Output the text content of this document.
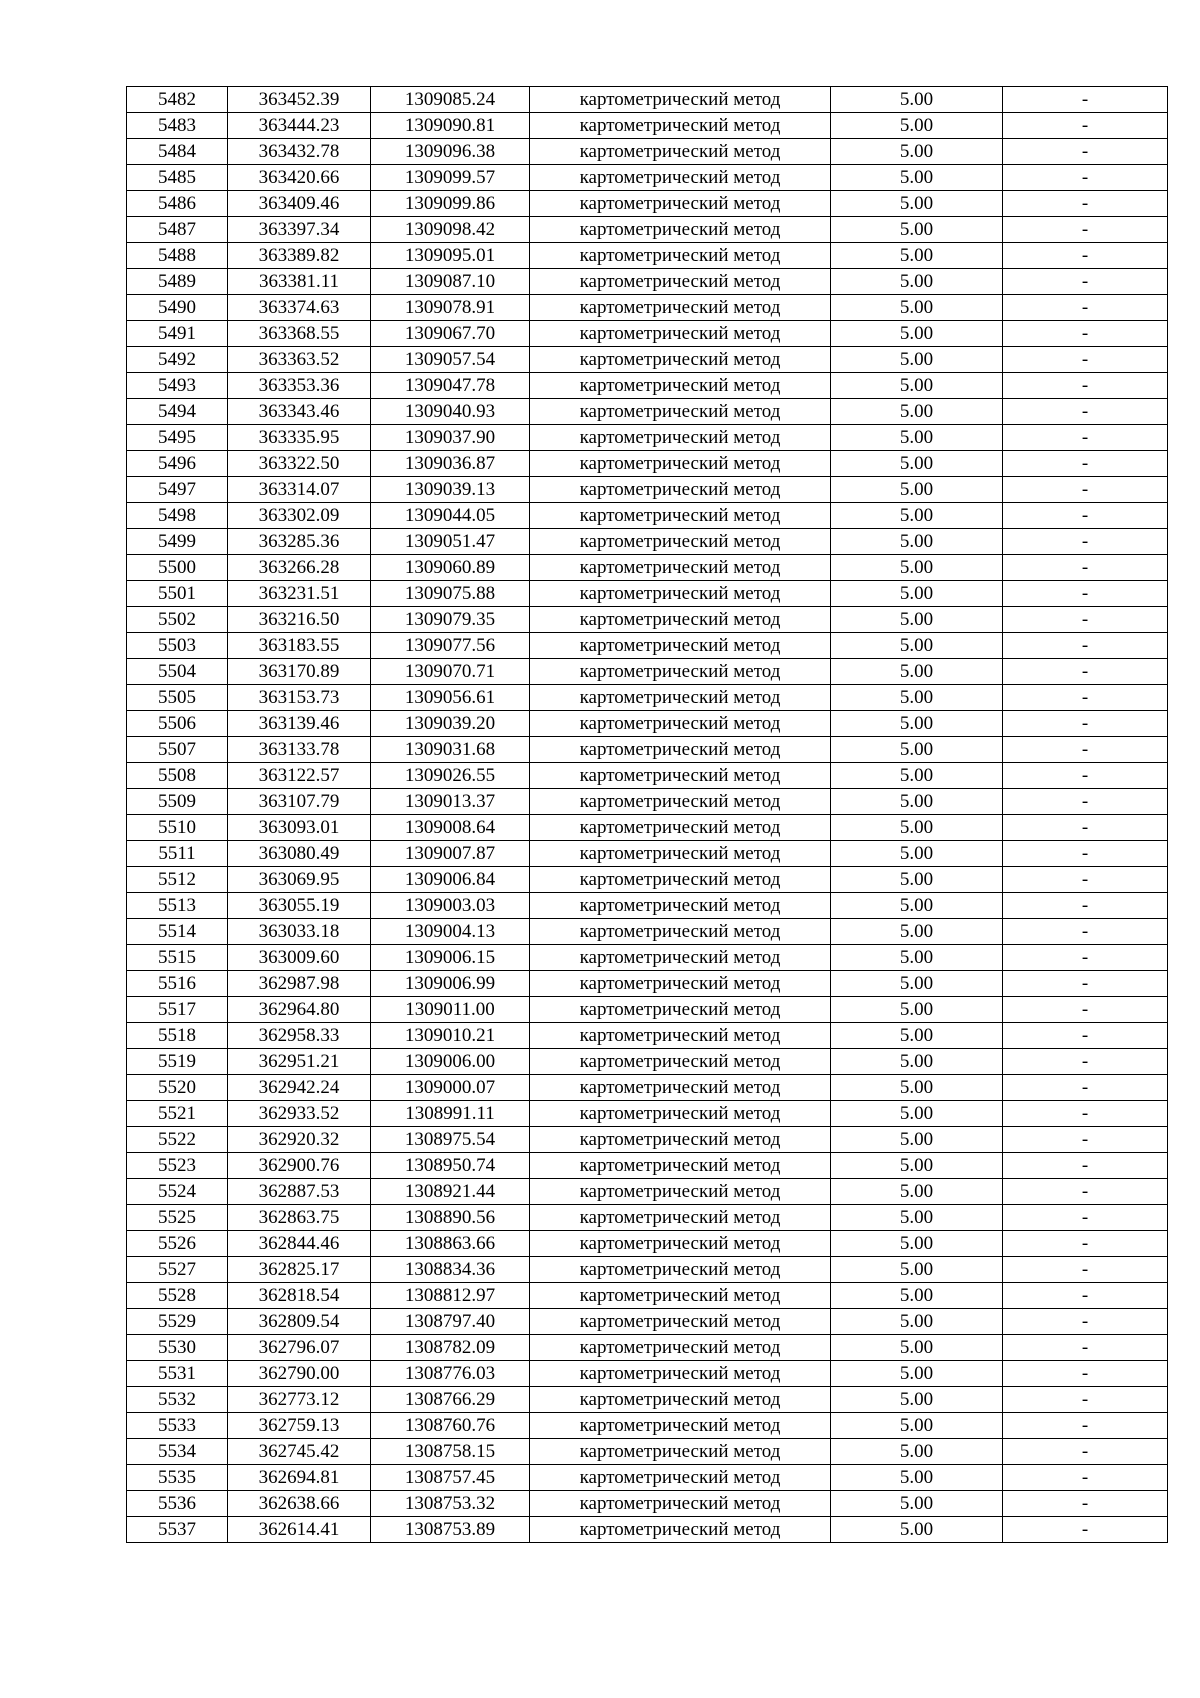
5482	363452.39	1309085.24	картометрический метод	5.00	-
5483	363444.23	1309090.81	картометрический метод	5.00	-
5484	363432.78	1309096.38	картометрический метод	5.00	-
5485	363420.66	1309099.57	картометрический метод	5.00	-
5486	363409.46	1309099.86	картометрический метод	5.00	-
5487	363397.34	1309098.42	картометрический метод	5.00	-
5488	363389.82	1309095.01	картометрический метод	5.00	-
5489	363381.11	1309087.10	картометрический метод	5.00	-
5490	363374.63	1309078.91	картометрический метод	5.00	-
5491	363368.55	1309067.70	картометрический метод	5.00	-
5492	363363.52	1309057.54	картометрический метод	5.00	-
5493	363353.36	1309047.78	картометрический метод	5.00	-
5494	363343.46	1309040.93	картометрический метод	5.00	-
5495	363335.95	1309037.90	картометрический метод	5.00	-
5496	363322.50	1309036.87	картометрический метод	5.00	-
5497	363314.07	1309039.13	картометрический метод	5.00	-
5498	363302.09	1309044.05	картометрический метод	5.00	-
5499	363285.36	1309051.47	картометрический метод	5.00	-
5500	363266.28	1309060.89	картометрический метод	5.00	-
5501	363231.51	1309075.88	картометрический метод	5.00	-
5502	363216.50	1309079.35	картометрический метод	5.00	-
5503	363183.55	1309077.56	картометрический метод	5.00	-
5504	363170.89	1309070.71	картометрический метод	5.00	-
5505	363153.73	1309056.61	картометрический метод	5.00	-
5506	363139.46	1309039.20	картометрический метод	5.00	-
5507	363133.78	1309031.68	картометрический метод	5.00	-
5508	363122.57	1309026.55	картометрический метод	5.00	-
5509	363107.79	1309013.37	картометрический метод	5.00	-
5510	363093.01	1309008.64	картометрический метод	5.00	-
5511	363080.49	1309007.87	картометрический метод	5.00	-
5512	363069.95	1309006.84	картометрический метод	5.00	-
5513	363055.19	1309003.03	картометрический метод	5.00	-
5514	363033.18	1309004.13	картометрический метод	5.00	-
5515	363009.60	1309006.15	картометрический метод	5.00	-
5516	362987.98	1309006.99	картометрический метод	5.00	-
5517	362964.80	1309011.00	картометрический метод	5.00	-
5518	362958.33	1309010.21	картометрический метод	5.00	-
5519	362951.21	1309006.00	картометрический метод	5.00	-
5520	362942.24	1309000.07	картометрический метод	5.00	-
5521	362933.52	1308991.11	картометрический метод	5.00	-
5522	362920.32	1308975.54	картометрический метод	5.00	-
5523	362900.76	1308950.74	картометрический метод	5.00	-
5524	362887.53	1308921.44	картометрический метод	5.00	-
5525	362863.75	1308890.56	картометрический метод	5.00	-
5526	362844.46	1308863.66	картометрический метод	5.00	-
5527	362825.17	1308834.36	картометрический метод	5.00	-
5528	362818.54	1308812.97	картометрический метод	5.00	-
5529	362809.54	1308797.40	картометрический метод	5.00	-
5530	362796.07	1308782.09	картометрический метод	5.00	-
5531	362790.00	1308776.03	картометрический метод	5.00	-
5532	362773.12	1308766.29	картометрический метод	5.00	-
5533	362759.13	1308760.76	картометрический метод	5.00	-
5534	362745.42	1308758.15	картометрический метод	5.00	-
5535	362694.81	1308757.45	картометрический метод	5.00	-
5536	362638.66	1308753.32	картометрический метод	5.00	-
5537	362614.41	1308753.89	картометрический метод	5.00	-
